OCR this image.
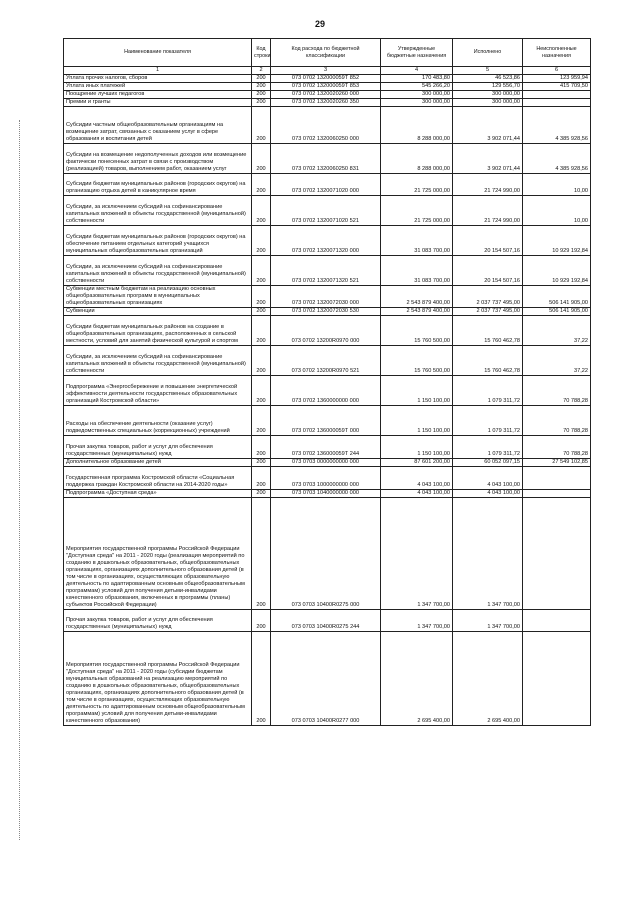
29
Наименование показателя	Код строки	Код расхода по бюджетной классификации	Утвержденные бюджетные назначения	Исполнено	Неисполненные назначения
1	2	3	4	5	6
Уплата прочих налогов, сборов	200	073 0702 132000059Т 852	170 483,80	46 523,86	123 959,94
Уплата иных платежей	200	073 0702 132000059Т 853	545 266,20	129 556,70	415 709,50
Поощрение лучших педагогов	200	073 0702 1320020260 000	300 000,00	300 000,00	
Премии и гранты	200	073 0702 1320020260 350	300 000,00	300 000,00	
Субсидии частным общеобразовательным организациям на возмещение затрат, связанных с оказанием услуг в сфере образования и воспитания детей	200	073 0702 1320060250 000	8 288 000,00	3 902 071,44	4 385 928,56
Субсидии на возмещение недополученных доходов или возмещение фактически понесенных затрат в связи с производством (реализацией) товаров, выполнением работ, оказанием услуг	200	073 0702 1320060250 831	8 288 000,00	3 902 071,44	4 385 928,56
Субсидии бюджетам муниципальных районов (городских округов) на организацию отдыха детей в каникулярное время	200	073 0702 1320071020 000	21 725 000,00	21 724 990,00	10,00
Субсидии, за исключением субсидий на софинансирование капитальных вложений в объекты государственной (муниципальной) собственности	200	073 0702 1320071020 521	21 725 000,00	21 724 990,00	10,00
Субсидии бюджетам муниципальных районов (городских округов) на обеспечение питанием отдельных категорий учащихся муниципальных общеобразовательных организаций	200	073 0702 1320071320 000	31 083 700,00	20 154 507,16	10 929 192,84
Субсидии, за исключением субсидий на софинансирование капитальных вложений в объекты государственной (муниципальной) собственности	200	073 0702 1320071320 521	31 083 700,00	20 154 507,16	10 929 192,84
Субвенции местным бюджетам на реализацию основных общеобразовательных программ в муниципальных общеобразовательных организациях	200	073 0702 1320072030 000	2 543 879 400,00	2 037 737 495,00	506 141 905,00
Субвенции	200	073 0702 1320072030 530	2 543 879 400,00	2 037 737 495,00	506 141 905,00
Субсидии бюджетам муниципальных районов на создание в общеобразовательных организациях, расположенных в сельской местности, условий для занятий физической культурой и спортом	200	073 0702 13200R0970 000	15 760 500,00	15 760 462,78	37,22
Субсидии, за исключением субсидий на софинансирование капитальных вложений в объекты государственной (муниципальной) собственности	200	073 0702 13200R0970 521	15 760 500,00	15 760 462,78	37,22
Подпрограмма «Энергосбережение и повышение энергетической эффективности деятельности государственных образовательных организаций Костромской области»	200	073 0702 1360000000 000	1 150 100,00	1 079 311,72	70 788,28
Расходы на обеспечение деятельности (оказание услуг) подведомственных специальных (коррекционных) учреждений	200	073 0702 136000059Т 000	1 150 100,00	1 079 311,72	70 788,28
Прочая закупка товаров, работ и услуг для обеспечения государственных (муниципальных) нужд	200	073 0702 136000059Т 244	1 150 100,00	1 079 311,72	70 788,28
Дополнительное образование детей	200	073 0703 0000000000 000	87 601 200,00	60 052 097,15	27 549 102,85
Государственная программа Костромской области «Социальная поддержка граждан Костромской области на 2014-2020 годы»	200	073 0703 1000000000 000	4 043 100,00	4 043 100,00	
Подпрограмма «Доступная среда»	200	073 0703 1040000000 000	4 043 100,00	4 043 100,00	
Мероприятия государственной программы Российской Федерации "Доступная среда" на 2011 - 2020 годы (реализация мероприятий по созданию в дошкольных образовательных, общеобразовательных организациях, организациях дополнительного образования детей (в том числе в организациях, осуществляющих образовательную деятельность по адаптированным основным общеобразовательным программам) условий для получения детьми-инвалидами качественного образования, включенных в программы (планы) субъектов Российской Федерации)	200	073 0703 10400R0275 000	1 347 700,00	1 347 700,00	
Прочая закупка товаров, работ и услуг для обеспечения государственных (муниципальных) нужд	200	073 0703 10400R0275 244	1 347 700,00	1 347 700,00	
Мероприятия государственной программы Российской Федерации "Доступная среда" на 2011 - 2020 годы (субсидии бюджетам муниципальных образований на реализацию мероприятий по созданию в дошкольных образовательных, общеобразовательных организациях, организациях дополнительного образования детей (в том числе в организациях, осуществляющих образовательную деятельность по адаптированным основным общеобразовательным программам) условий для получения детьми-инвалидами качественного образования)	200	073 0703 10400R0277 000	2 695 400,00	2 695 400,00	
